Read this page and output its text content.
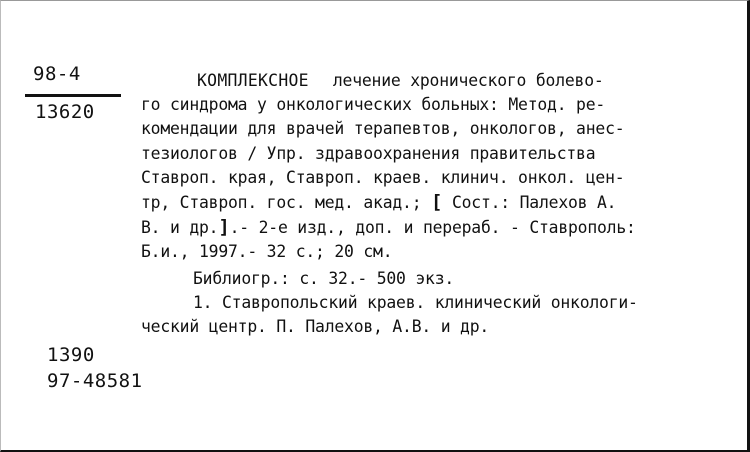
98-4
13620
КОМПЛЕКСНОЕ лечение хронического болево-
го синдрома у онкологических больных: Метод. ре-
комендации для врачей терапевтов, онкологов, анес-
тезиологов / Упр. здравоохранения правительства
Ставроп. края, Ставроп. краев. клинич. онкол. цен-
тр, Ставроп. гос. мед. акад.; [ Сост.: Палехов А.
В. и др.].- 2-е изд., доп. и перераб. - Ставрополь:
Б.и., 1997.- 32 с.; 20 см.
Библиогр.: с. 32.- 500 экз.
1. Ставропольский краев. клинический онкологи-
ческий центр. П. Палехов, А.В. и др.
1390
97-48581
